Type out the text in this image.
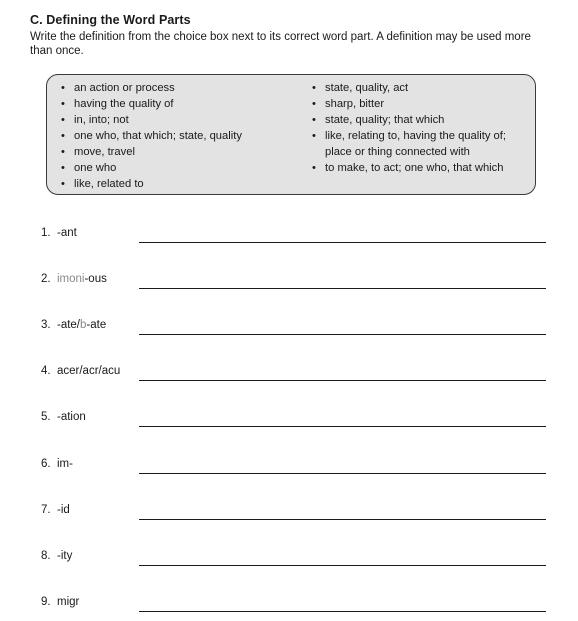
C. Defining the Word Parts
Write the definition from the choice box next to its correct word part. A definition may be used more than once.
• an action or process
• having the quality of
• in, into; not
• one who, that which; state, quality
• move, travel
• one who
• like, related to
• state, quality, act
• sharp, bitter
• state, quality; that which
• like, relating to, having the quality of; place or thing connected with
• to make, to act; one who, that which
1. -ant
2. imoni-ous
3. -ate/b-ate
4. acer/acr/acu
5. -ation
6. im-
7. -id
8. -ity
9. migr
